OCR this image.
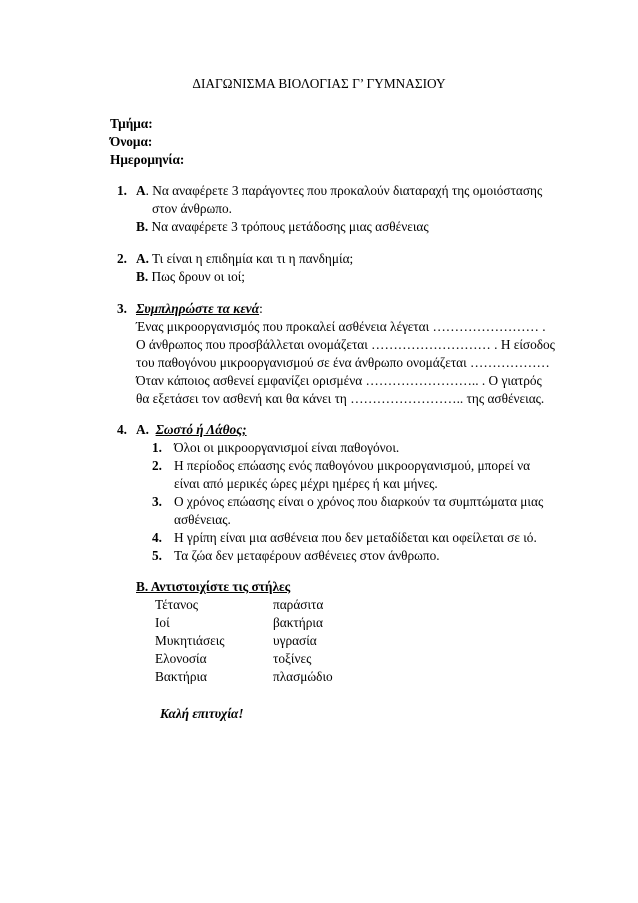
ΔΙΑΓΩΝΙΣΜΑ ΒΙΟΛΟΓΙΑΣ Γ’ ΓΥΜΝΑΣΙΟΥ
Τμήμα:
Όνομα:
Ημερομηνία:
1. Α. Να αναφέρετε 3 παράγοντες που προκαλούν διαταραχή της ομοιόστασης
στον άνθρωπο.
Β. Να αναφέρετε 3 τρόπους μετάδοσης μιας ασθένειας
2. Α. Τι είναι η επιδημία και τι η πανδημία;
Β. Πως δρουν οι ιοί;
3. Συμπληρώστε τα κενά:
Ένας μικροοργανισμός που προκαλεί ασθένεια λέγεται …………………… .
Ο άνθρωπος που προσβάλλεται ονομάζεται ……………………… . Η είσοδος
του παθογόνου μικροοργανισμού σε ένα άνθρωπο ονομάζεται ………………
Όταν κάποιος ασθενεί εμφανίζει ορισμένα …………………….. . Ο γιατρός
θα εξετάσει τον ασθενή και θα κάνει τη …………………….. της ασθένειας.
4. Α. Σωστό ή Λάθος;
1. Όλοι οι μικροοργανισμοί είναι παθογόνοι.
2. Η περίοδος επώασης ενός παθογόνου μικροοργανισμού, μπορεί να
είναι από μερικές ώρες μέχρι ημέρες ή και μήνες.
3. Ο χρόνος επώασης είναι ο χρόνος που διαρκούν τα συμπτώματα μιας
ασθένειας.
4. Η γρίπη είναι μια ασθένεια που δεν μεταδίδεται και οφείλεται σε ιό.
5. Τα ζώα δεν μεταφέρουν ασθένειες στον άνθρωπο.
Β. Αντιστοιχίστε τις στήλες
Τέτανος	παράσιτα
Ιοί	βακτήρια
Μυκητιάσεις	υγρασία
Ελονοσία	τοξίνες
Βακτήρια	πλασμώδιο
Καλή επιτυχία!
